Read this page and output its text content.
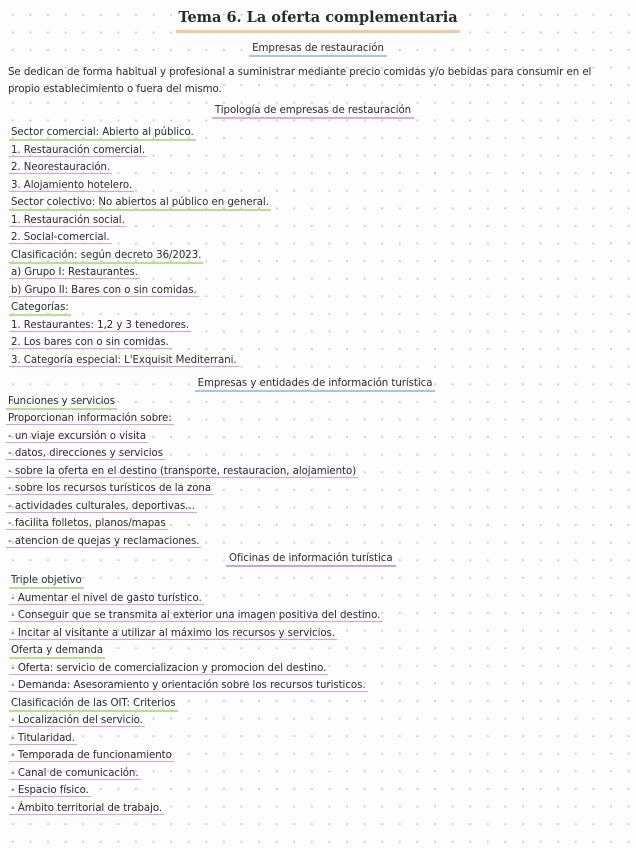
Tema 6. La oferta complementaria
Empresas de restauración
Se dedican de forma habitual y profesional a suministrar mediante precio comidas y/o bebidas para consumir en el
propio establecimiento o fuera del mismo.
Tipología de empresas de restauración
Sector comercial: Abierto al público.
1. Restauración comercial.
2. Neorestauración.
3. Alojamiento hotelero.
Sector colectivo: No abiertos al público en general.
1. Restauración social.
2. Social-comercial.
Clasificación: según decreto 36/2023.
a) Grupo I: Restaurantes.
b) Grupo II: Bares con o sin comidas.
Categorías:
1. Restaurantes: 1,2 y 3 tenedores.
2. Los bares con o sin comidas.
3. Categoría especial: L'Exquisit Mediterrani.
Empresas y entidades de información turística
Funciones y servicios
Proporcionan información sobre:
- un viaje excursión o visita
- datos, direcciones y servicios
- sobre la oferta en el destino (transporte, restauracion, alojamiento)
- sobre los recursos turísticos de la zona
- actividades culturales, deportivas...
- facilita folletos, planos/mapas
- atencion de quejas y reclamaciones.
Oficinas de información turística
Triple objetivo
- Aumentar el nivel de gasto turístico.
- Conseguir que se transmita al exterior una imagen positiva del destino.
- Incitar al visitante a utilizar al máximo los recursos y servicios.
Oferta y demanda
- Oferta: servicio de comercializacion y promocion del destino.
- Demanda: Asesoramiento y orientación sobre los recursos turisticos.
Clasificación de las OIT: Criterios
- Localización del servicio.
- Titularidad.
- Temporada de funcionamiento
- Canal de comunicación.
- Espacio físico.
- Ámbito territorial de trabajo.
